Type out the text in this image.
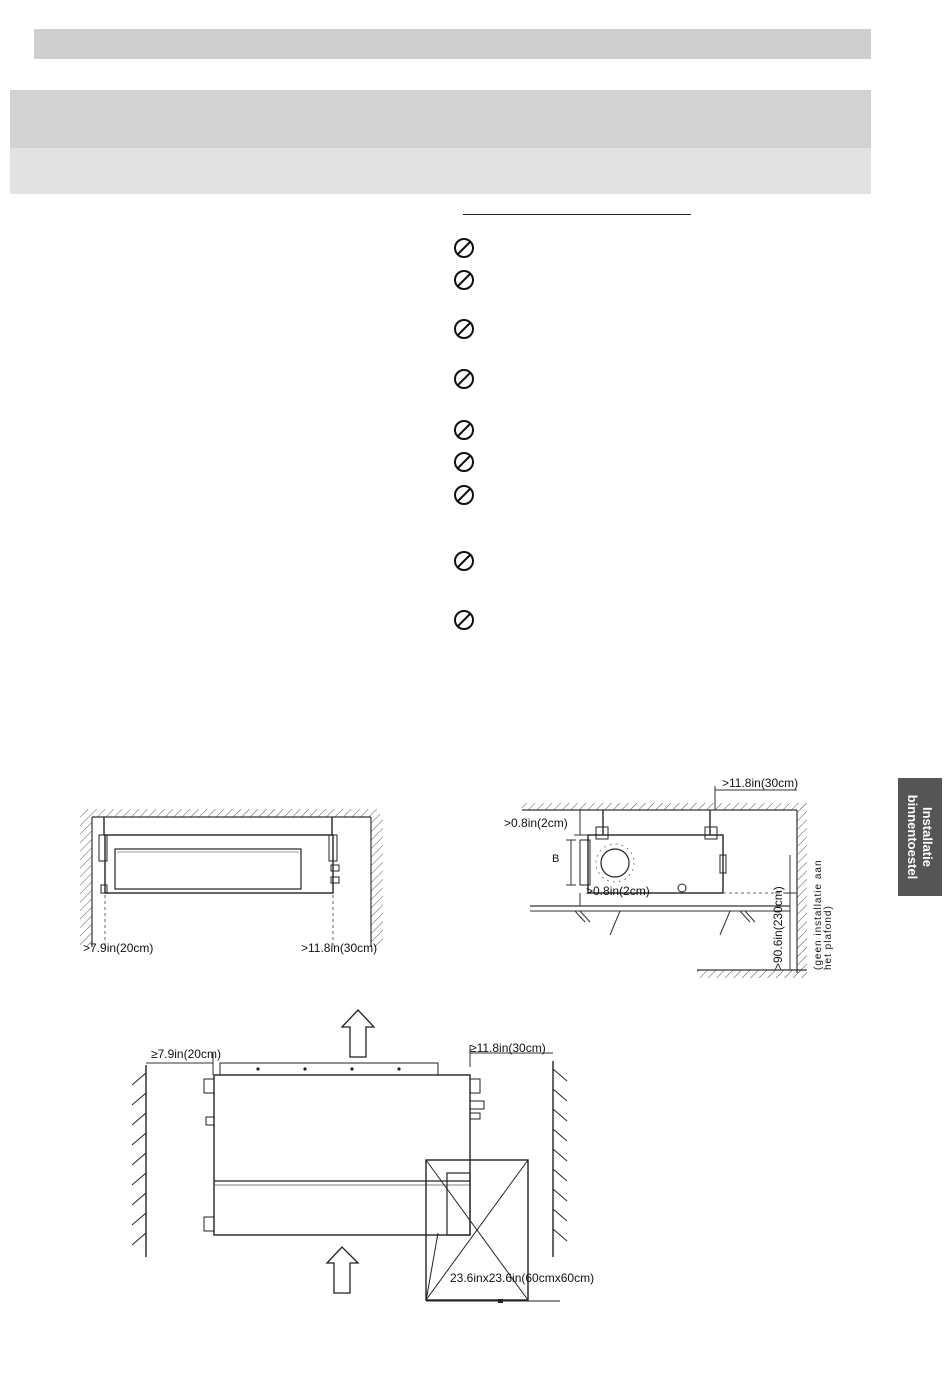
Installatie
binnentoestel
>7.9in(20cm)	>11.8in(30cm)
>11.8in(30cm)
>0.8in(2cm)
B
>0.8in(2cm)	>90.6in(230cm)	(geen installatie aan het plafond)
≥7.9in(20cm)	≥11.8in(30cm)
23.6inx23.6in(60cmx60cm)
